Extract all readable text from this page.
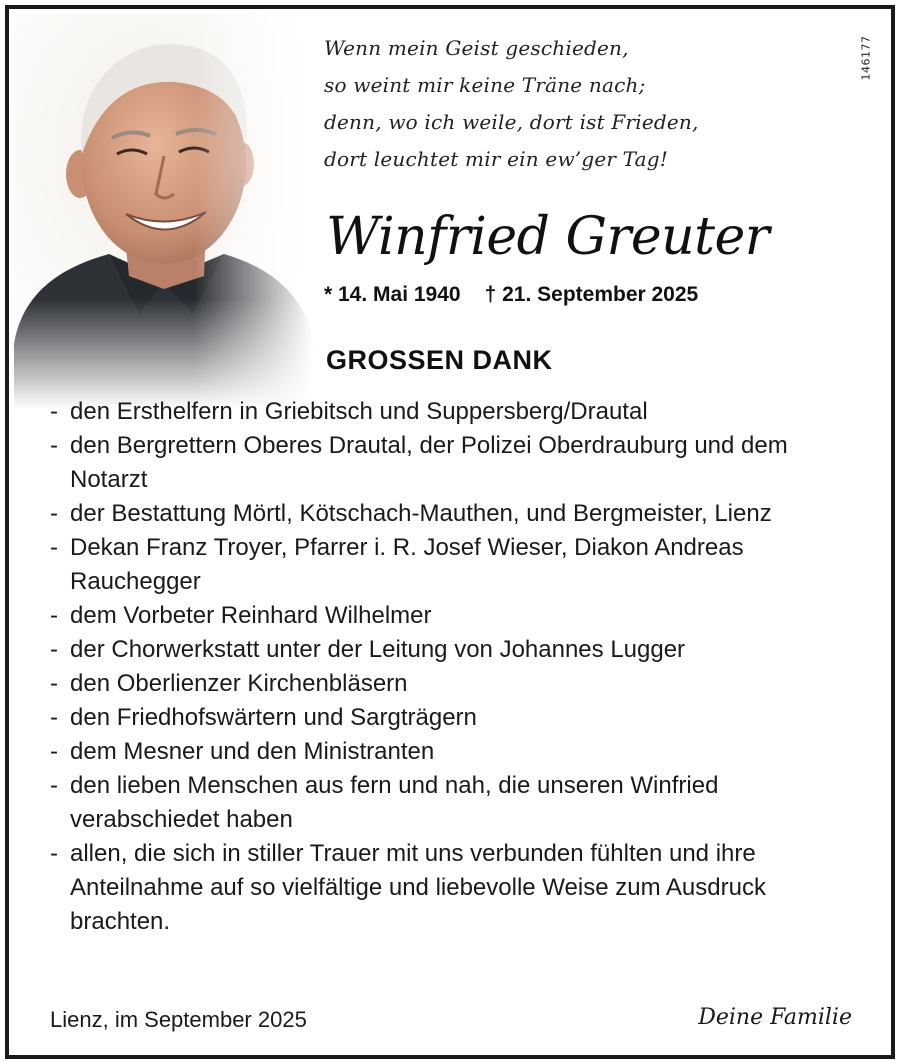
146177
Wenn mein Geist geschieden,
so weint mir keine Träne nach;
denn, wo ich weile, dort ist Frieden,
dort leuchtet mir ein ew’ger Tag!
Winfried Greuter
* 14. Mai 1940 † 21. September 2025
GROSSEN DANK
- den Ersthelfern in Griebitsch und Suppersberg/Drautal
- den Bergrettern Oberes Drautal, der Polizei Oberdrauburg und dem Notarzt
- der Bestattung Mörtl, Kötschach-Mauthen, und Bergmeister, Lienz
- Dekan Franz Troyer, Pfarrer i. R. Josef Wieser, Diakon Andreas Rauchegger
- dem Vorbeter Reinhard Wilhelmer
- der Chorwerkstatt unter der Leitung von Johannes Lugger
- den Oberlienzer Kirchenbläsern
- den Friedhofswärtern und Sargträgern
- dem Mesner und den Ministranten
- den lieben Menschen aus fern und nah, die unseren Winfried verabschiedet haben
- allen, die sich in stiller Trauer mit uns verbunden fühlten und ihre Anteilnahme auf so vielfältige und liebevolle Weise zum Ausdruck brachten.
Lienz, im September 2025	Deine Familie
